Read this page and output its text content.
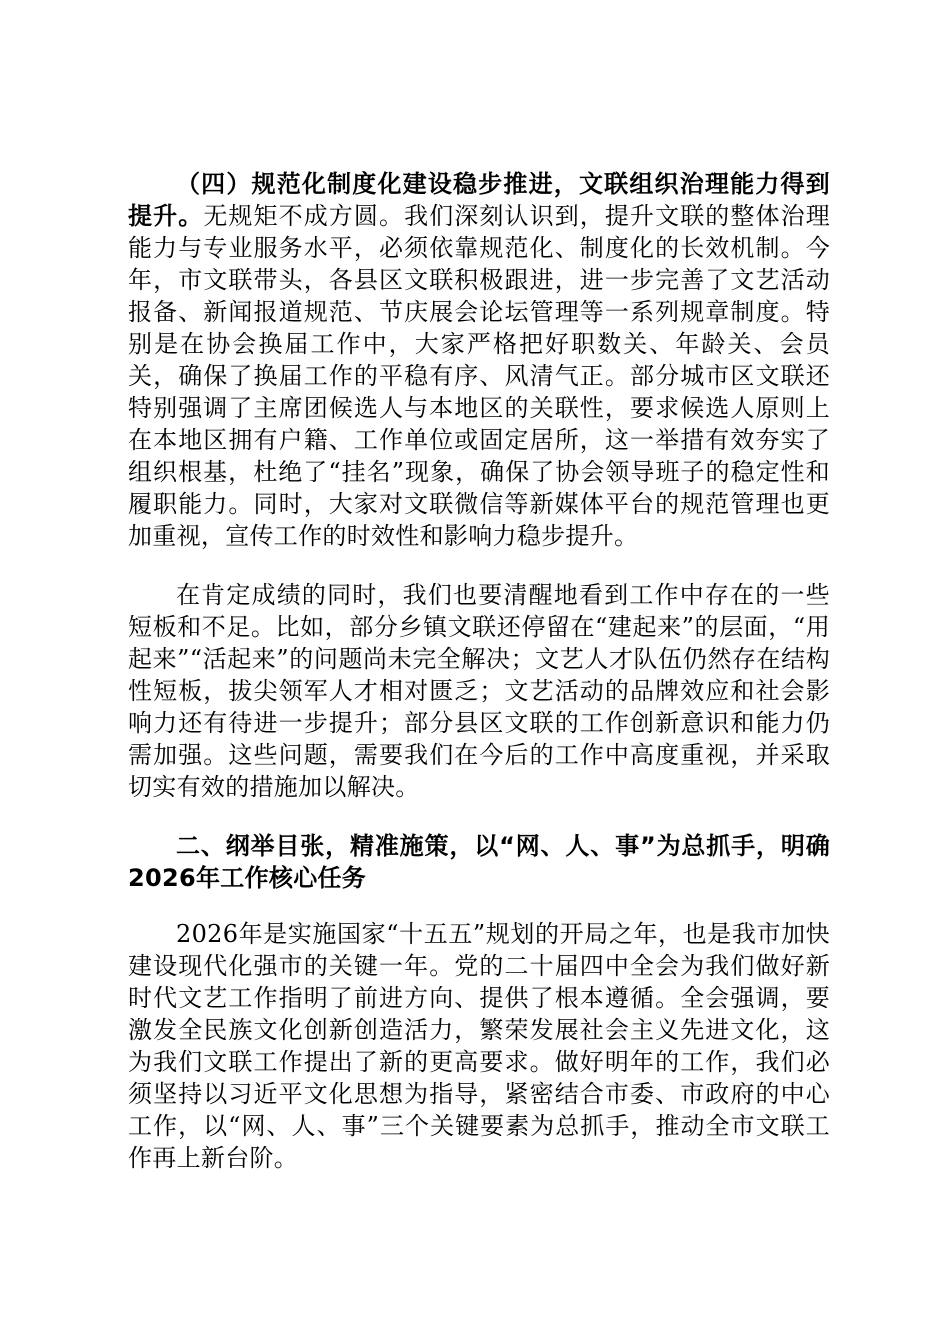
（四）规范化制度化建设稳步推进，文联组织治理能力得到提升。无规矩不成方圆。我们深刻认识到，提升文联的整体治理能力与专业服务水平，必须依靠规范化、制度化的长效机制。今年，市文联带头，各县区文联积极跟进，进一步完善了文艺活动报备、新闻报道规范、节庆展会论坛管理等一系列规章制度。特别是在协会换届工作中，大家严格把好职数关、年龄关、会员关，确保了换届工作的平稳有序、风清气正。部分城市区文联还特别强调了主席团候选人与本地区的关联性，要求候选人原则上在本地区拥有户籍、工作单位或固定居所，这一举措有效夯实了组织根基，杜绝了“挂名”现象，确保了协会领导班子的稳定性和履职能力。同时，大家对文联微信等新媒体平台的规范管理也更加重视，宣传工作的时效性和影响力稳步提升。

在肯定成绩的同时，我们也要清醒地看到工作中存在的一些短板和不足。比如，部分乡镇文联还停留在“建起来”的层面，“用起来”“活起来”的问题尚未完全解决；文艺人才队伍仍然存在结构性短板，拔尖领军人才相对匮乏；文艺活动的品牌效应和社会影响力还有待进一步提升；部分县区文联的工作创新意识和能力仍需加强。这些问题，需要我们在今后的工作中高度重视，并采取切实有效的措施加以解决。

二、纲举目张，精准施策，以“网、人、事”为总抓手，明确2026年工作核心任务

2026年是实施国家“十五五”规划的开局之年，也是我市加快建设现代化强市的关键一年。党的二十届四中全会为我们做好新时代文艺工作指明了前进方向、提供了根本遵循。全会强调，要激发全民族文化创新创造活力，繁荣发展社会主义先进文化，这为我们文联工作提出了新的更高要求。做好明年的工作，我们必须坚持以习近平文化思想为指导，紧密结合市委、市政府的中心工作，以“网、人、事”三个关键要素为总抓手，推动全市文联工作再上新台阶。
